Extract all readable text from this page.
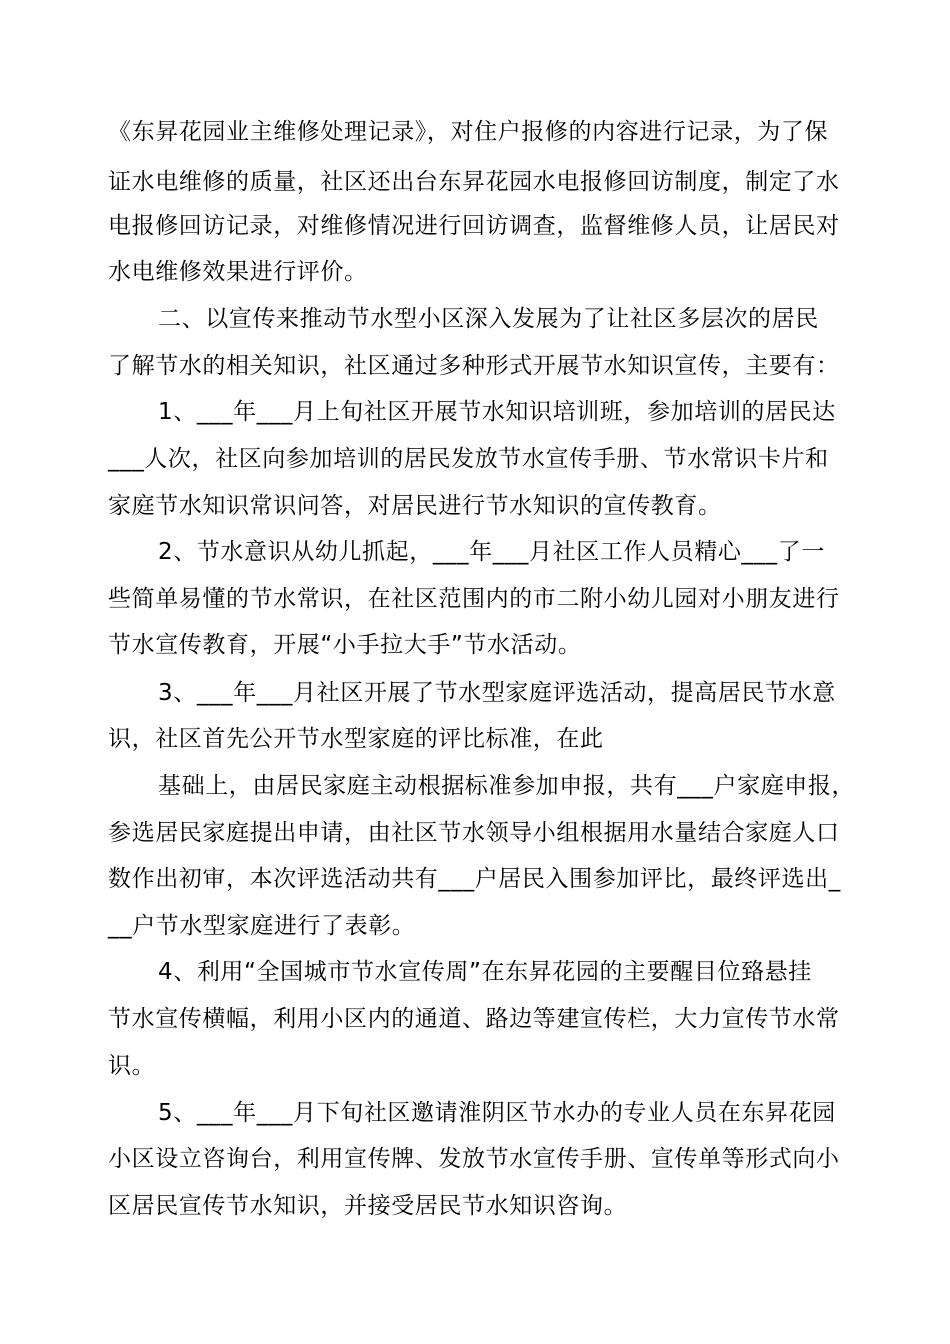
《东昇花园业主维修处理记录》，对住户报修的内容进行记录，为了保
证水电维修的质量，社区还出台东昇花园水电报修回访制度，制定了水
电报修回访记录，对维修情况进行回访调查，监督维修人员，让居民对
水电维修效果进行评价。
二、以宣传来推动节水型小区深入发展为了让社区多层次的居民
了解节水的相关知识，社区通过多种形式开展节水知识宣传，主要有：
1、___年___月上旬社区开展节水知识培训班，参加培训的居民达
___人次，社区向参加培训的居民发放节水宣传手册、节水常识卡片和
家庭节水知识常识问答，对居民进行节水知识的宣传教育。
2、节水意识从幼儿抓起，___年___月社区工作人员精心___了一
些简单易懂的节水常识，在社区范围内的市二附小幼儿园对小朋友进行
节水宣传教育，开展“小手拉大手”节水活动。
3、___年___月社区开展了节水型家庭评选活动，提高居民节水意
识，社区首先公开节水型家庭的评比标准，在此
基础上，由居民家庭主动根据标准参加申报，共有___户家庭申报，
参选居民家庭提出申请，由社区节水领导小组根据用水量结合家庭人口
数作出初审，本次评选活动共有___户居民入围参加评比，最终评选出_
__户节水型家庭进行了表彰。
4、利用“全国城市节水宣传周”在东昇花园的主要醒目位臵悬挂
节水宣传横幅，利用小区内的通道、路边等建宣传栏，大力宣传节水常
识。
5、___年___月下旬社区邀请淮阴区节水办的专业人员在东昇花园
小区设立咨询台，利用宣传牌、发放节水宣传手册、宣传单等形式向小
区居民宣传节水知识，并接受居民节水知识咨询。
